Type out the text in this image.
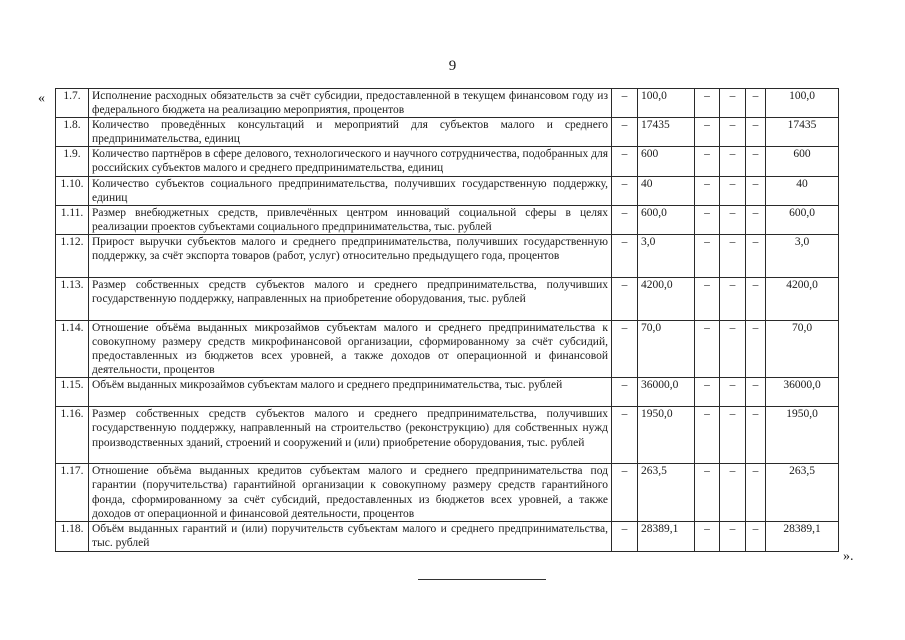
9
« 1.7.	Исполнение расходных обязательств за счёт субсидии, предоставленной в текущем финансовом году из федерального бюджета на реализацию мероприятия, процентов	–	100,0	–	–	–	100,0
1.8.	Количество проведённых консультаций и мероприятий для субъектов малого и среднего предпринимательства, единиц	–	17435	–	–	–	17435
1.9.	Количество партнёров в сфере делового, технологического и научного сотрудничества, подобранных для российских субъектов малого и среднего предпринимательства, единиц	–	600	–	–	–	600
1.10.	Количество субъектов социального предпринимательства, получивших государственную поддержку, единиц	–	40	–	–	–	40
1.11.	Размер внебюджетных средств, привлечённых центром инноваций социальной сферы в целях реализации проектов субъектами социального предпринимательства, тыс. рублей	–	600,0	–	–	–	600,0
1.12.	Прирост выручки субъектов малого и среднего предпринимательства, получивших государственную поддержку, за счёт экспорта товаров (работ, услуг) относительно предыдущего года, процентов	–	3,0	–	–	–	3,0
1.13.	Размер собственных средств субъектов малого и среднего предпринимательства, получивших государственную поддержку, направленных на приобретение оборудования, тыс. рублей	–	4200,0	–	–	–	4200,0
1.14.	Отношение объёма выданных микрозаймов субъектам малого и среднего предпринимательства к совокупному размеру средств микрофинансовой организации, сформированному за счёт субсидий, предоставленных из бюджетов всех уровней, а также доходов от операционной и финансовой деятельности, процентов	–	70,0	–	–	–	70,0
1.15.	Объём выданных микрозаймов субъектам малого и среднего предпринимательства, тыс. рублей	–	36000,0	–	–	–	36000,0
1.16.	Размер собственных средств субъектов малого и среднего предпринимательства, получивших государственную поддержку, направленный на строительство (реконструкцию) для собственных нужд производственных зданий, строений и сооружений и (или) приобретение оборудования, тыс. рублей	–	1950,0	–	–	–	1950,0
1.17.	Отношение объёма выданных кредитов субъектам малого и среднего предпринимательства под гарантии (поручительства) гарантийной организации к совокупному размеру средств гарантийного фонда, сформированному за счёт субсидий, предоставленных из бюджетов всех уровней, а также доходов от операционной и финансовой деятельности, процентов	–	263,5	–	–	–	263,5
1.18.	Объём выданных гарантий и (или) поручительств субъектам малого и среднего предпринимательства, тыс. рублей	–	28389,1	–	–	–	28389,1
».
